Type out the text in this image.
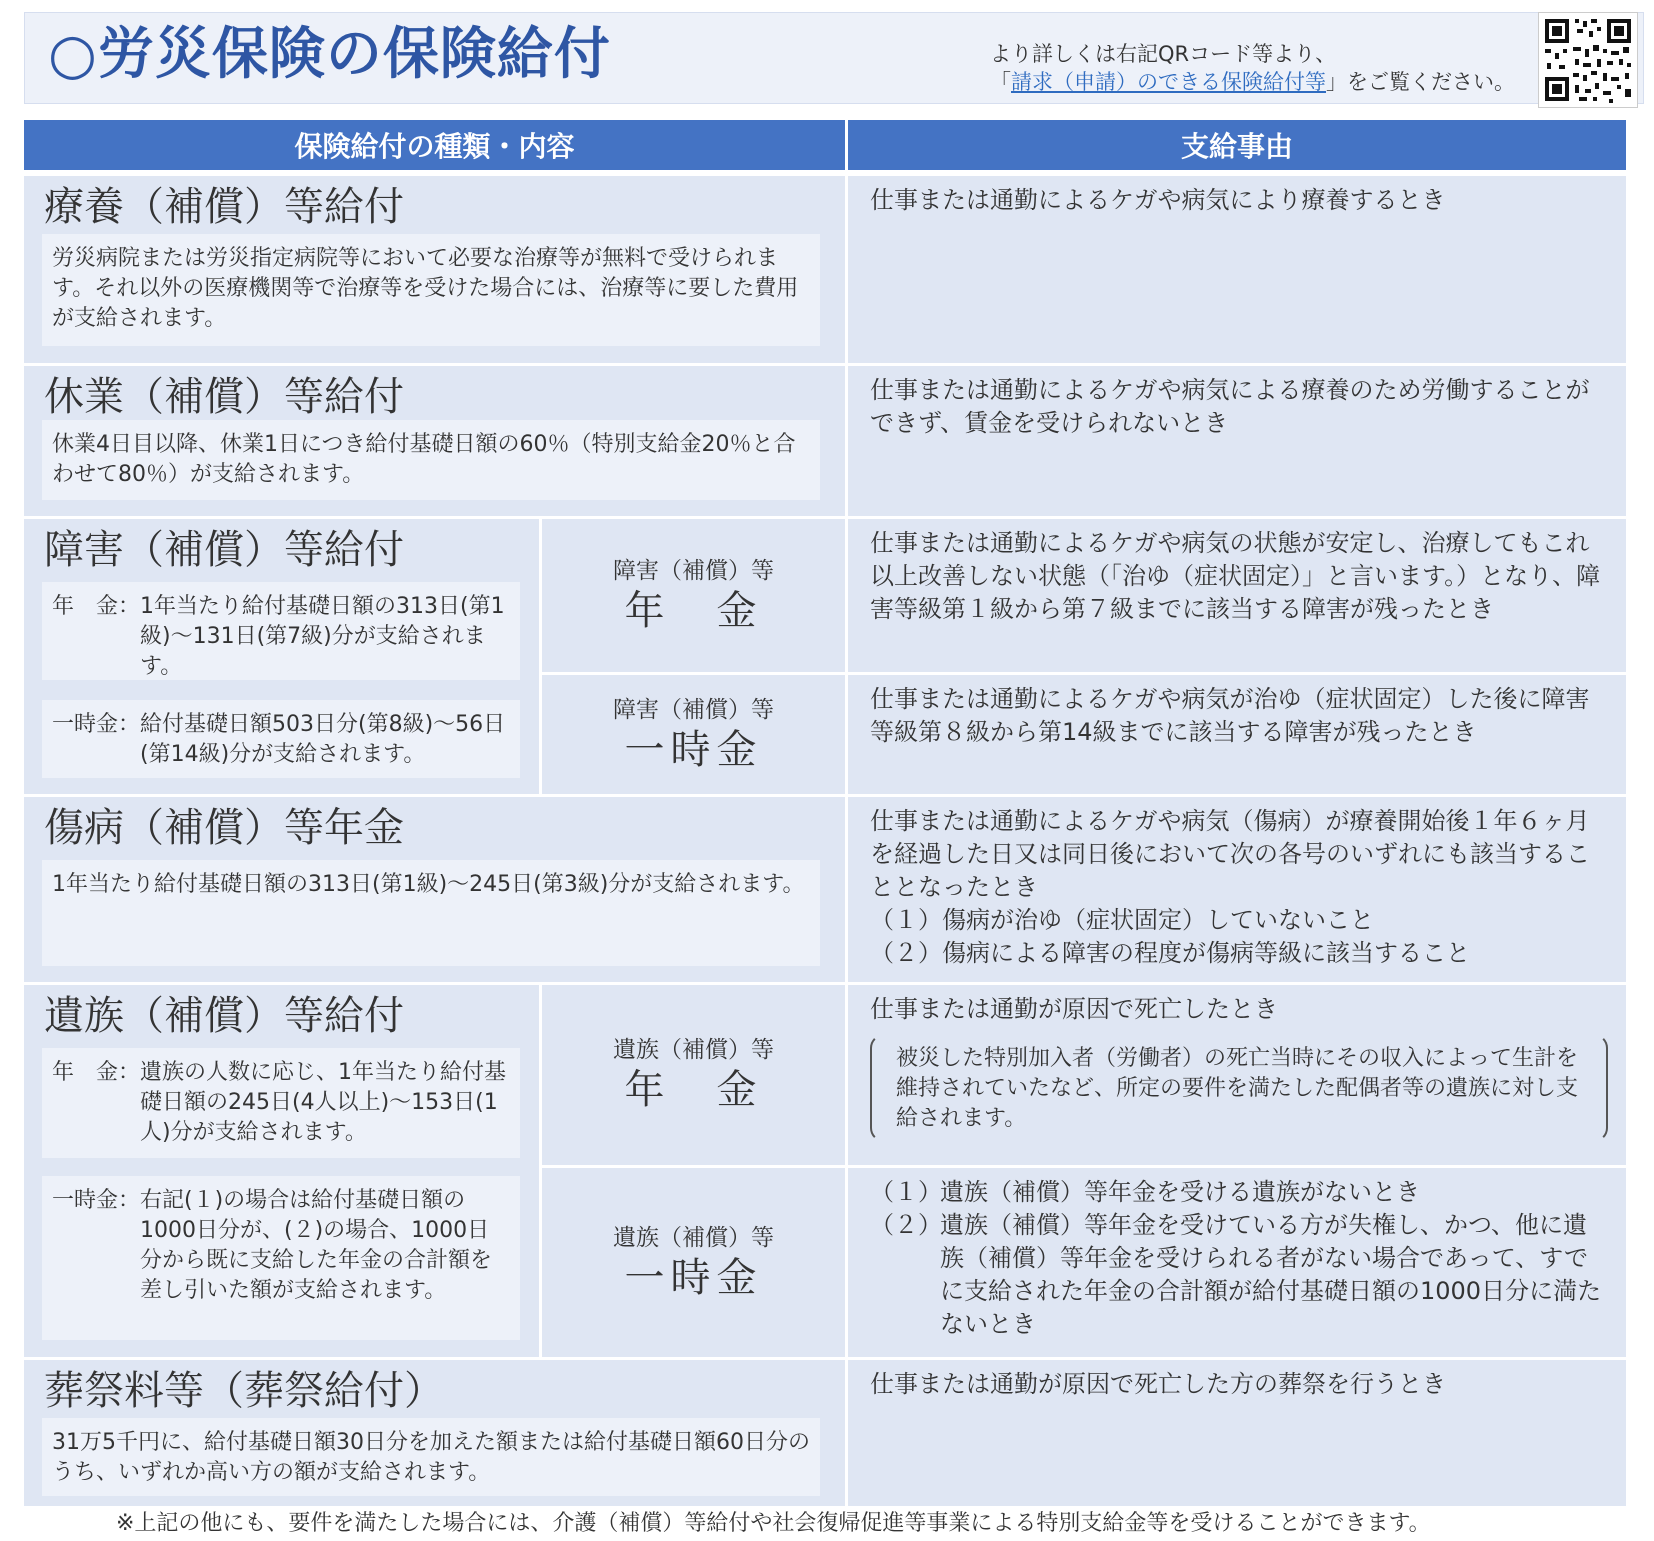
○労災保険の保険給付	より詳しくは右記QRコード等より、
「請求（申請）のできる保険給付等」をご覧ください。
保険給付の種類・内容	支給事由
療養（補償）等給付
労災病院または労災指定病院等において必要な治療等が無料で受けられます。それ以外の医療機関等で治療等を受けた場合には、治療等に要した費用が支給されます。
仕事または通勤によるケガや病気により療養するとき
休業（補償）等給付
休業4日目以降、休業1日につき給付基礎日額の60％（特別支給金20％と合わせて80％）が支給されます。
仕事または通勤によるケガや病気による療養のため労働することができず、賃金を受けられないとき
障害（補償）等給付
年　金： 1年当たり給付基礎日額の313日(第1級)～131日(第7級)分が支給されます。
一時金： 給付基礎日額503日分(第8級)～56日(第14級)分が支給されます。
障害（補償）等
年　金
障害（補償）等
一時金
仕事または通勤によるケガや病気の状態が安定し、治療してもこれ以上改善しない状態（「治ゆ（症状固定）」と言います。）となり、障害等級第１級から第７級までに該当する障害が残ったとき
仕事または通勤によるケガや病気が治ゆ（症状固定）した後に障害等級第８級から第14級までに該当する障害が残ったとき
傷病（補償）等年金
1年当たり給付基礎日額の313日(第1級)～245日(第3級)分が支給されます。
仕事または通勤によるケガや病気（傷病）が療養開始後１年６ヶ月を経過した日又は同日後において次の各号のいずれにも該当することとなったとき
（１）傷病が治ゆ（症状固定）していないこと
（２）傷病による障害の程度が傷病等級に該当すること
遺族（補償）等給付
年　金： 遺族の人数に応じ、1年当たり給付基礎日額の245日(4人以上)～153日(1人)分が支給されます。
一時金： 右記(１)の場合は給付基礎日額の1000日分が、(２)の場合、1000日分から既に支給した年金の合計額を差し引いた額が支給されます。
遺族（補償）等
年　金
遺族（補償）等
一時金
仕事または通勤が原因で死亡したとき
被災した特別加入者（労働者）の死亡当時にその収入によって生計を維持されていたなど、所定の要件を満たした配偶者等の遺族に対し支給されます。
（１）
遺族（補償）等年金を受ける遺族がないとき
（２）
遺族（補償）等年金を受けている方が失権し、かつ、他に遺族（補償）等年金を受けられる者がない場合であって、すでに支給された年金の合計額が給付基礎日額の1000日分に満たないとき
葬祭料等（葬祭給付）
31万5千円に、給付基礎日額30日分を加えた額または給付基礎日額60日分のうち、いずれか高い方の額が支給されます。
仕事または通勤が原因で死亡した方の葬祭を行うとき
※上記の他にも、要件を満たした場合には、介護（補償）等給付や社会復帰促進等事業による特別支給金等を受けることができます。
